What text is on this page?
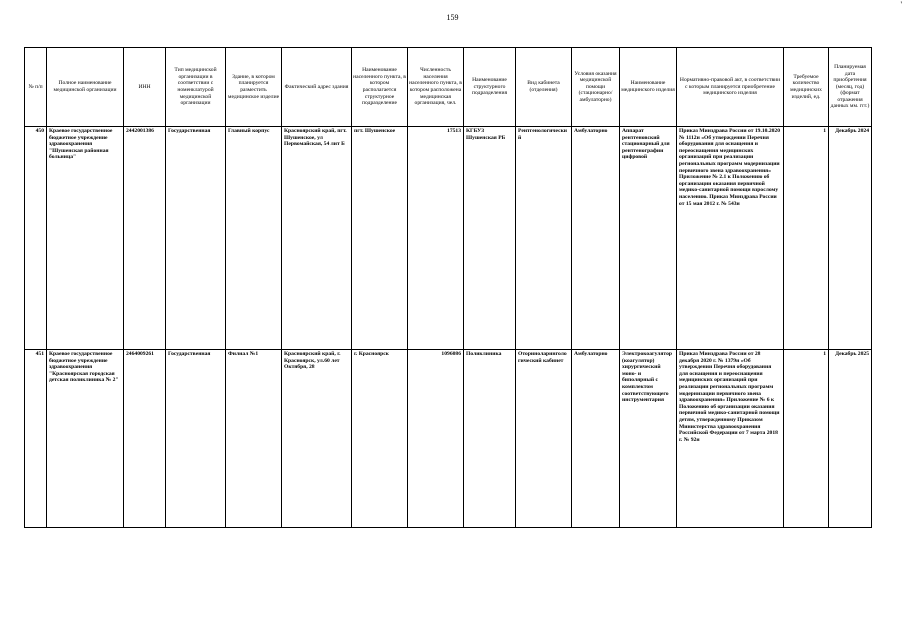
159
'
№ п/п	Полное наименование медицинской организации	ИНН	Тип медицинской организации в соответствии с номенклатурой медицинской организации	Здание, в котором планируется разместить медицинское изделие	Фактический адрес здания	Наименование населенного пункта, в котором располагается структурное подразделение	Численность населения населенного пункта, в котором расположена медицинская организация, чел.	Наименование структурного подразделения	Вид кабинета (отделения)	Условия оказания медицинской помощи (стационарно/ амбулаторно)	Наименование медицинского изделия	Нормативно-правовой акт, в соответствии с которым планируется приобретение медицинского изделия	Требуемое количество медицинских изделий, ед.	Планируемая дата приобретения (месяц, год) (формат отражения данных мм. ггг.)
450	Краевое государственное бюджетное учреждение здравоохранения "Шушенская районная больница"	2442001386	Государственная	Главный корпус	Красноярский край, пгт. Шушенское, ул Первомайская, 54 лит Б	пгт. Шушенское	17513	КГБУЗ Шушенская РБ	Рентгенологический	Амбулаторно	Аппарат рентгеновский стационарный для рентгенографии цифровой	Приказ Минздрава России от 19.10.2020 № 1112н «Об утверждении Перечня оборудования для оснащения и переоснащения медицинских организаций при реализации региональных программ модернизации первичного звена здравоохранения» Приложение № 2.1 к Положению об организации оказания первичной медико-санитарной помощи взрослому населению. Приказ Минздрава России от 15 мая 2012 г. № 543н	1	Декабрь 2024
451	Краевое государственное бюджетное учреждение здравоохранения "Красноярская городская детская поликлиника № 2"	2464009261	Государственная	Филиал №1	Красноярский край, г. Красноярск, ул.60 лет Октября, 28	г. Красноярск	1096086	Поликлиника	Оториноларингологический кабинет	Амбулаторно	Электрокоагулятор (коагулятор) хирургический моно- и биполярный с комплектом соответствующего инструментария	Приказ Минздрава России от 28 декабря 2020 г. № 1379н «Об утверждении Перечня оборудования для оснащения и переоснащения медицинских организаций при реализации региональных программ модернизации первичного звена здравоохранения» Приложение № 6 к Положению об организации оказания первичной медико-санитарной помощи детям, утвержденному Приказом Министерства здравоохранения Российской Федерации от 7 марта 2018 г. № 92н	1	Декабрь 2025
